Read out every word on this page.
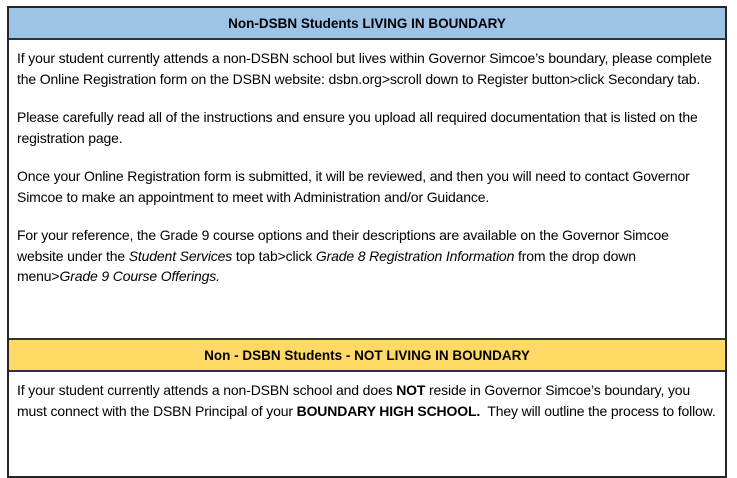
Non-DSBN Students LIVING IN BOUNDARY

If your student currently attends a non-DSBN school but lives within Governor Simcoe’s boundary, please complete the Online Registration form on the DSBN website: dsbn.org>scroll down to Register button>click Secondary tab.

Please carefully read all of the instructions and ensure you upload all required documentation that is listed on the registration page.

Once your Online Registration form is submitted, it will be reviewed, and then you will need to contact Governor Simcoe to make an appointment to meet with Administration and/or Guidance.

For your reference, the Grade 9 course options and their descriptions are available on the Governor Simcoe website under the Student Services top tab>click Grade 8 Registration Information from the drop down menu>Grade 9 Course Offerings.

Non - DSBN Students - NOT LIVING IN BOUNDARY

If your student currently attends a non-DSBN school and does NOT reside in Governor Simcoe’s boundary, you must connect with the DSBN Principal of your BOUNDARY HIGH SCHOOL.  They will outline the process to follow.
